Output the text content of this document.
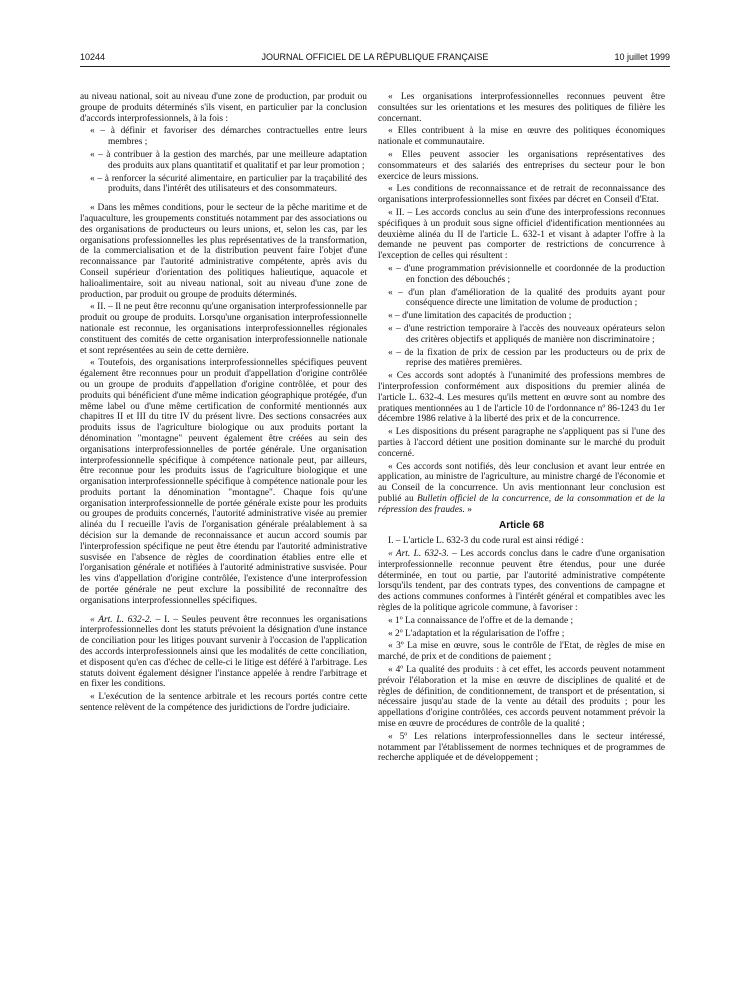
10244	JOURNAL OFFICIEL DE LA RÉPUBLIQUE FRANÇAISE	10 juillet 1999

au niveau national, soit au niveau d'une zone de production, par produit ou groupe de produits déterminés s'ils visent, en particulier par la conclusion d'accords interprofessionnels, à la fois :

« – à définir et favoriser des démarches contractuelles entre leurs membres ;

« – à contribuer à la gestion des marchés, par une meilleure adaptation des produits aux plans quantitatif et qualitatif et par leur promotion ;

« – à renforcer la sécurité alimentaire, en particulier par la traçabilité des produits, dans l'intérêt des utilisateurs et des consommateurs.

« Dans les mêmes conditions, pour le secteur de la pêche maritime et de l'aquaculture, les groupements constitués notamment par des associations ou des organisations de producteurs ou leurs unions, et, selon les cas, par les organisations professionnelles les plus représentatives de la transformation, de la commercialisation et de la distribution peuvent faire l'objet d'une reconnaissance par l'autorité administrative compétente, après avis du Conseil supérieur d'orientation des politiques halieutique, aquacole et halioalimentaire, soit au niveau national, soit au niveau d'une zone de production, par produit ou groupe de produits déterminés.

« II. – Il ne peut être reconnu qu'une organisation interprofessionnelle par produit ou groupe de produits. Lorsqu'une organisation interprofessionnelle nationale est reconnue, les organisations interprofessionnelles régionales constituent des comités de cette organisation interprofessionnelle nationale et sont représentées au sein de cette dernière.

« Toutefois, des organisations interprofessionnelles spécifiques peuvent également être reconnues pour un produit d'appellation d'origine contrôlée ou un groupe de produits d'appellation d'origine contrôlée, et pour des produits qui bénéficient d'une même indication géographique protégée, d'un même label ou d'une même certification de conformité mentionnés aux chapitres II et III du titre IV du présent livre. Des sections consacrées aux produits issus de l'agriculture biologique ou aux produits portant la dénomination "montagne" peuvent également être créées au sein des organisations interprofessionnelles de portée générale. Une organisation interprofessionnelle spécifique à compétence nationale peut, par ailleurs, être reconnue pour les produits issus de l'agriculture biologique et une organisation interprofessionnelle spécifique à compétence nationale pour les produits portant la dénomination "montagne". Chaque fois qu'une organisation interprofessionnelle de portée générale existe pour les produits ou groupes de produits concernés, l'autorité administrative visée au premier alinéa du I recueille l'avis de l'organisation générale préalablement à sa décision sur la demande de reconnaissance et aucun accord soumis par l'interprofession spécifique ne peut être étendu par l'autorité administrative susvisée en l'absence de règles de coordination établies entre elle et l'organisation générale et notifiées à l'autorité administrative susvisée. Pour les vins d'appellation d'origine contrôlée, l'existence d'une interprofession de portée générale ne peut exclure la possibilité de reconnaître des organisations interprofessionnelles spécifiques.

« Art. L. 632-2. – I. – Seules peuvent être reconnues les organisations interprofessionnelles dont les statuts prévoient la désignation d'une instance de conciliation pour les litiges pouvant survenir à l'occasion de l'application des accords interprofessionnels ainsi que les modalités de cette conciliation, et disposent qu'en cas d'échec de celle-ci le litige est déféré à l'arbitrage. Les statuts doivent également désigner l'instance appelée à rendre l'arbitrage et en fixer les conditions.

« L'exécution de la sentence arbitrale et les recours portés contre cette sentence relèvent de la compétence des juridictions de l'ordre judiciaire.

« Les organisations interprofessionnelles reconnues peuvent être consultées sur les orientations et les mesures des politiques de filière les concernant.

« Elles contribuent à la mise en œuvre des politiques économiques nationale et communautaire.

« Elles peuvent associer les organisations représentatives des consommateurs et des salariés des entreprises du secteur pour le bon exercice de leurs missions.

« Les conditions de reconnaissance et de retrait de reconnaissance des organisations interprofessionnelles sont fixées par décret en Conseil d'Etat.

« II. – Les accords conclus au sein d'une des interprofessions reconnues spécifiques à un produit sous signe officiel d'identification mentionnées au deuxième alinéa du II de l'article L. 632-1 et visant à adapter l'offre à la demande ne peuvent pas comporter de restrictions de concurrence à l'exception de celles qui résultent :

« – d'une programmation prévisionnelle et coordonnée de la production en fonction des débouchés ;

« – d'un plan d'amélioration de la qualité des produits ayant pour conséquence directe une limitation de volume de production ;

« – d'une limitation des capacités de production ;

« – d'une restriction temporaire à l'accès des nouveaux opérateurs selon des critères objectifs et appliqués de manière non discriminatoire ;

« – de la fixation de prix de cession par les producteurs ou de prix de reprise des matières premières.

« Ces accords sont adoptés à l'unanimité des professions membres de l'interprofession conformément aux dispositions du premier alinéa de l'article L. 632-4. Les mesures qu'ils mettent en œuvre sont au nombre des pratiques mentionnées au 1 de l'article 10 de l'ordonnance nº 86-1243 du 1er décembre 1986 relative à la liberté des prix et de la concurrence.

« Les dispositions du présent paragraphe ne s'appliquent pas si l'une des parties à l'accord détient une position dominante sur le marché du produit concerné.

« Ces accords sont notifiés, dès leur conclusion et avant leur entrée en application, au ministre de l'agriculture, au ministre chargé de l'économie et au Conseil de la concurrence. Un avis mentionnant leur conclusion est publié au Bulletin officiel de la concurrence, de la consommation et de la répression des fraudes. »

Article 68

I. – L'article L. 632-3 du code rural est ainsi rédigé :

« Art. L. 632-3. – Les accords conclus dans le cadre d'une organisation interprofessionnelle reconnue peuvent être étendus, pour une durée déterminée, en tout ou partie, par l'autorité administrative compétente lorsqu'ils tendent, par des contrats types, des conventions de campagne et des actions communes conformes à l'intérêt général et compatibles avec les règles de la politique agricole commune, à favoriser :

« 1º La connaissance de l'offre et de la demande ;

« 2º L'adaptation et la régularisation de l'offre ;

« 3º La mise en œuvre, sous le contrôle de l'Etat, de règles de mise en marché, de prix et de conditions de paiement ;

« 4º La qualité des produits : à cet effet, les accords peuvent notamment prévoir l'élaboration et la mise en œuvre de disciplines de qualité et de règles de définition, de conditionnement, de transport et de présentation, si nécessaire jusqu'au stade de la vente au détail des produits ; pour les appellations d'origine contrôlées, ces accords peuvent notamment prévoir la mise en œuvre de procédures de contrôle de la qualité ;

« 5º Les relations interprofessionnelles dans le secteur intéressé, notamment par l'établissement de normes techniques et de programmes de recherche appliquée et de développement ;
